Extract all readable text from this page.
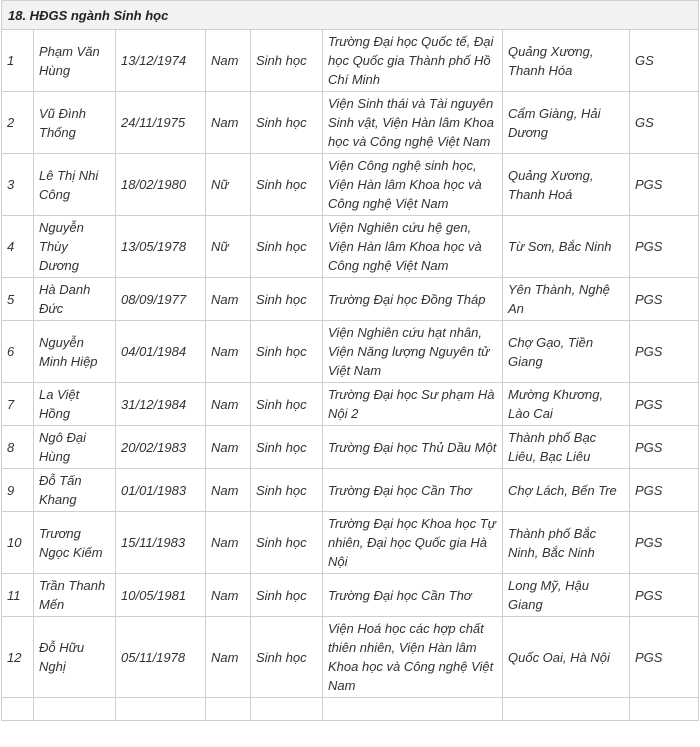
18. HĐGS ngành Sinh học							
1	Phạm Văn Hùng	13/12/1974	Nam	Sinh học	Trường Đại học Quốc tế, Đại học Quốc gia Thành phố Hồ Chí Minh	Quảng Xương, Thanh Hóa	GS
2	Vũ Đình Thống	24/11/1975	Nam	Sinh học	Viện Sinh thái và Tài nguyên Sinh vật, Viện Hàn lâm Khoa học và Công nghệ Việt Nam	Cẩm Giàng, Hải Dương	GS
3	Lê Thị Nhi Công	18/02/1980	Nữ	Sinh học	Viện Công nghệ sinh học, Viện Hàn lâm Khoa học và Công nghệ Việt Nam	Quảng Xương, Thanh Hoá	PGS
4	Nguyễn Thùy Dương	13/05/1978	Nữ	Sinh học	Viện Nghiên cứu hệ gen, Viện Hàn lâm Khoa học và Công nghệ Việt Nam	Từ Sơn, Bắc Ninh	PGS
5	Hà Danh Đức	08/09/1977	Nam	Sinh học	Trường Đại học Đồng Tháp	Yên Thành, Nghệ An	PGS
6	Nguyễn Minh Hiệp	04/01/1984	Nam	Sinh học	Viện Nghiên cứu hạt nhân, Viện Năng lượng Nguyên tử Việt Nam	Chợ Gạo, Tiền Giang	PGS
7	La Việt Hồng	31/12/1984	Nam	Sinh học	Trường Đại học Sư phạm Hà Nội 2	Mường Khương, Lào Cai	PGS
8	Ngô Đại Hùng	20/02/1983	Nam	Sinh học	Trường Đại học Thủ Dầu Một	Thành phố Bạc Liêu, Bạc Liêu	PGS
9	Đỗ Tấn Khang	01/01/1983	Nam	Sinh học	Trường Đại học Cần Thơ	Chợ Lách, Bến Tre	PGS
10	Trương Ngọc Kiếm	15/11/1983	Nam	Sinh học	Trường Đại học Khoa học Tự nhiên, Đại học Quốc gia Hà Nội	Thành phố Bắc Ninh, Bắc Ninh	PGS
11	Trần Thanh Mến	10/05/1981	Nam	Sinh học	Trường Đại học Cần Thơ	Long Mỹ, Hậu Giang	PGS
12	Đỗ Hữu Nghị	05/11/1978	Nam	Sinh học	Viện Hoá học các hợp chất thiên nhiên, Viện Hàn lâm Khoa học và Công nghệ Việt Nam	Quốc Oai, Hà Nội	PGS
